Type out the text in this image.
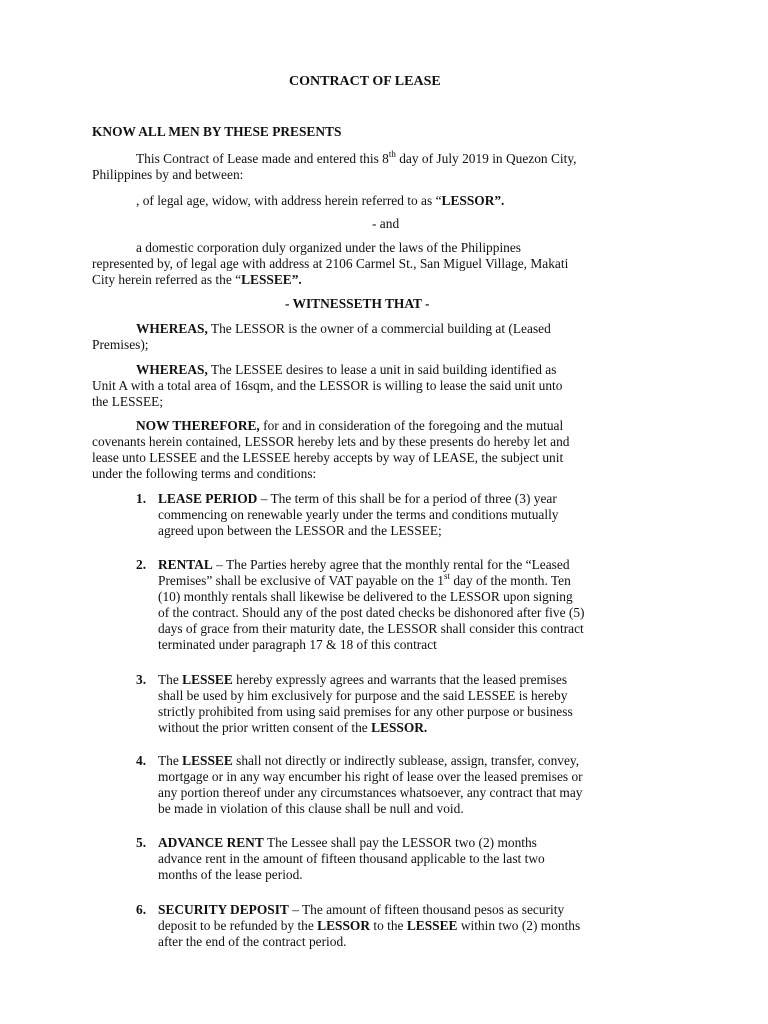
CONTRACT OF LEASE
KNOW ALL MEN BY THESE PRESENTS
This Contract of Lease made and entered this 8th day of July 2019 in Quezon City,
Philippines by and between:
, of legal age, widow, with address herein referred to as “LESSOR”.
- and
a domestic corporation duly organized under the laws of the Philippines
represented by, of legal age with address at 2106 Carmel St., San Miguel Village, Makati
City herein referred as the “LESSEE”.
- WITNESSETH THAT -
WHEREAS, The LESSOR is the owner of a commercial building at (Leased
Premises);
WHEREAS, The LESSEE desires to lease a unit in said building identified as
Unit A with a total area of 16sqm, and the LESSOR is willing to lease the said unit unto
the LESSEE;
NOW THEREFORE, for and in consideration of the foregoing and the mutual
covenants herein contained, LESSOR hereby lets and by these presents do hereby let and
lease unto LESSEE and the LESSEE hereby accepts by way of LEASE, the subject unit
under the following terms and conditions:
1. LEASE PERIOD – The term of this shall be for a period of three (3) year
commencing on renewable yearly under the terms and conditions mutually
agreed upon between the LESSOR and the LESSEE;
2. RENTAL – The Parties hereby agree that the monthly rental for the “Leased
Premises” shall be exclusive of VAT payable on the 1st day of the month. Ten
(10) monthly rentals shall likewise be delivered to the LESSOR upon signing
of the contract. Should any of the post dated checks be dishonored after five (5)
days of grace from their maturity date, the LESSOR shall consider this contract
terminated under paragraph 17 & 18 of this contract
3. The LESSEE hereby expressly agrees and warrants that the leased premises
shall be used by him exclusively for purpose and the said LESSEE is hereby
strictly prohibited from using said premises for any other purpose or business
without the prior written consent of the LESSOR.
4. The LESSEE shall not directly or indirectly sublease, assign, transfer, convey,
mortgage or in any way encumber his right of lease over the leased premises or
any portion thereof under any circumstances whatsoever, any contract that may
be made in violation of this clause shall be null and void.
5. ADVANCE RENT The Lessee shall pay the LESSOR two (2) months
advance rent in the amount of fifteen thousand applicable to the last two
months of the lease period.
6. SECURITY DEPOSIT – The amount of fifteen thousand pesos as security
deposit to be refunded by the LESSOR to the LESSEE within two (2) months
after the end of the contract period.
